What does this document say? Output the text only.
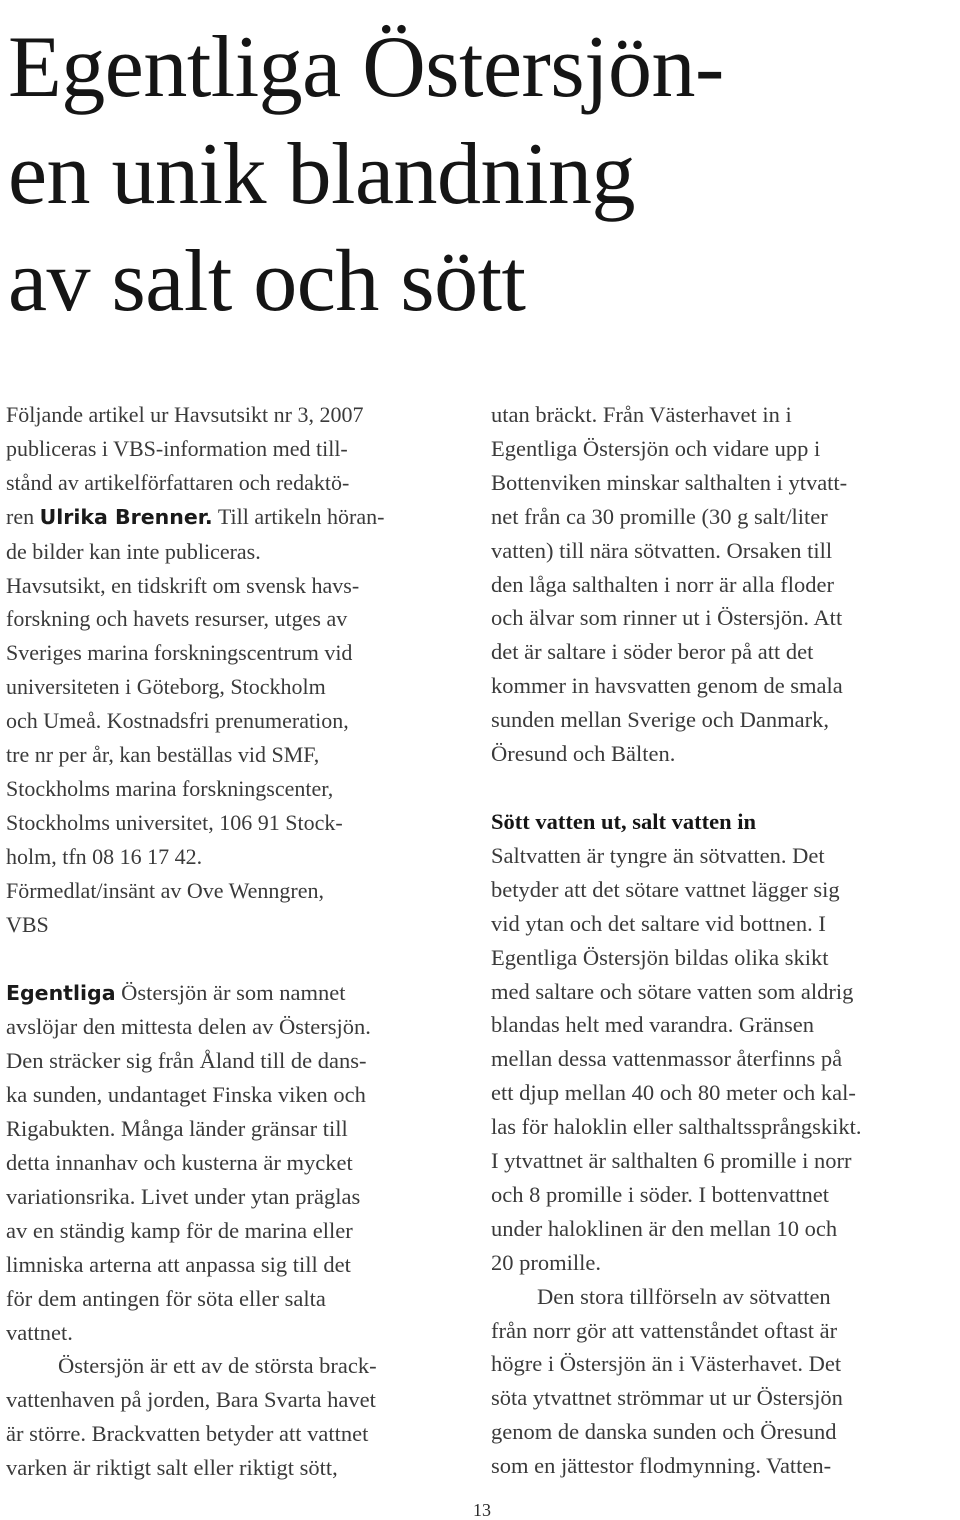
Egentliga Östersjön-
en unik blandning
av salt och sött
Följande artikel ur Havsutsikt nr 3, 2007
publiceras i VBS-information med till-
stånd av artikelförfattaren och redaktö-
ren Ulrika Brenner. Till artikeln höran-
de bilder kan inte publiceras.
Havsutsikt, en tidskrift om svensk havs-
forskning och havets resurser, utges av
Sveriges marina forskningscentrum vid
universiteten i Göteborg, Stockholm
och Umeå. Kostnadsfri prenumeration,
tre nr per år, kan beställas vid SMF,
Stockholms marina forskningscenter,
Stockholms universitet, 106 91 Stock-
holm, tfn 08 16 17 42.
Förmedlat/insänt av Ove Wenngren,
VBS
Egentliga Östersjön är som namnet
avslöjar den mittesta delen av Östersjön.
Den sträcker sig från Åland till de dans-
ka sunden, undantaget Finska viken och
Rigabukten. Många länder gränsar till
detta innanhav och kusterna är mycket
variationsrika. Livet under ytan präglas
av en ständig kamp för de marina eller
limniska arterna att anpassa sig till det
för dem antingen för söta eller salta
vattnet.
Östersjön är ett av de största brack-
vattenhaven på jorden, Bara Svarta havet
är större. Brackvatten betyder att vattnet
varken är riktigt salt eller riktigt sött,
utan bräckt. Från Västerhavet in i
Egentliga Östersjön och vidare upp i
Bottenviken minskar salthalten i ytvatt-
net från ca 30 promille (30 g salt/liter
vatten) till nära sötvatten. Orsaken till
den låga salthalten i norr är alla floder
och älvar som rinner ut i Östersjön. Att
det är saltare i söder beror på att det
kommer in havsvatten genom de smala
sunden mellan Sverige och Danmark,
Öresund och Bälten.
Sött vatten ut, salt vatten in
Saltvatten är tyngre än sötvatten. Det
betyder att det sötare vattnet lägger sig
vid ytan och det saltare vid bottnen. I
Egentliga Östersjön bildas olika skikt
med saltare och sötare vatten som aldrig
blandas helt med varandra. Gränsen
mellan dessa vattenmassor återfinns på
ett djup mellan 40 och 80 meter och kal-
las för haloklin eller salthaltssprångskikt.
I ytvattnet är salthalten 6 promille i norr
och 8 promille i söder. I bottenvattnet
under haloklinen är den mellan 10 och
20 promille.
Den stora tillförseln av sötvatten
från norr gör att vattenståndet oftast är
högre i Östersjön än i Västerhavet. Det
söta ytvattnet strömmar ut ur Östersjön
genom de danska sunden och Öresund
som en jättestor flodmynning. Vatten-
13
